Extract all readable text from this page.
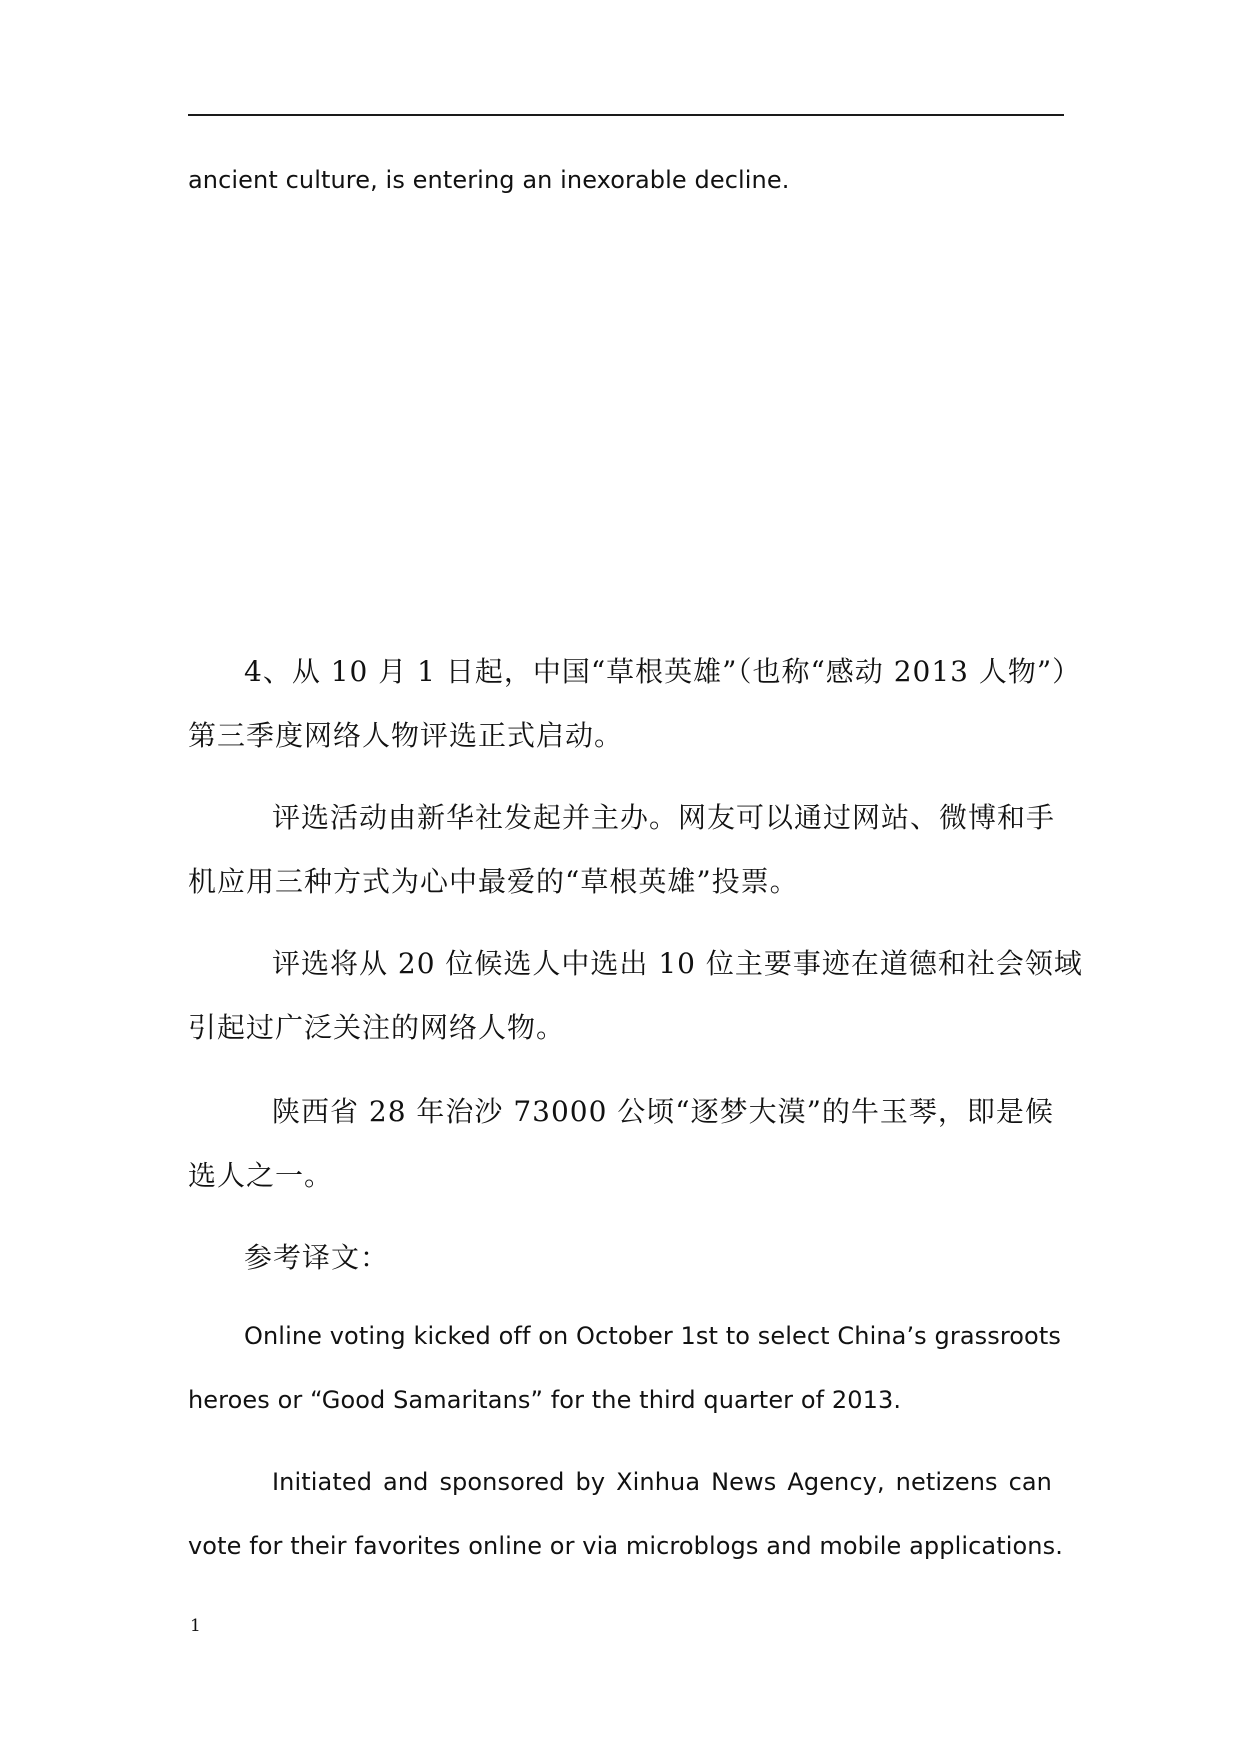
ancient culture, is entering an inexorable decline.

4、从 10 月 1 日起，中国“草根英雄”（也称“感动 2013 人物”）

第三季度网络人物评选正式启动。

评选活动由新华社发起并主办。网友可以通过网站、微博和手

机应用三种方式为心中最爱的“草根英雄”投票。

评选将从 20 位候选人中选出 10 位主要事迹在道德和社会领域

引起过广泛关注的网络人物。

陕西省 28 年治沙 73000 公顷“逐梦大漠”的牛玉琴，即是候

选人之一。

参考译文：

Online voting kicked off on October 1st to select China’s grassroots

heroes or “Good Samaritans” for the third quarter of 2013.

Initiated and sponsored by Xinhua News Agency, netizens can

vote for their favorites online or via microblogs and mobile applications.

1
